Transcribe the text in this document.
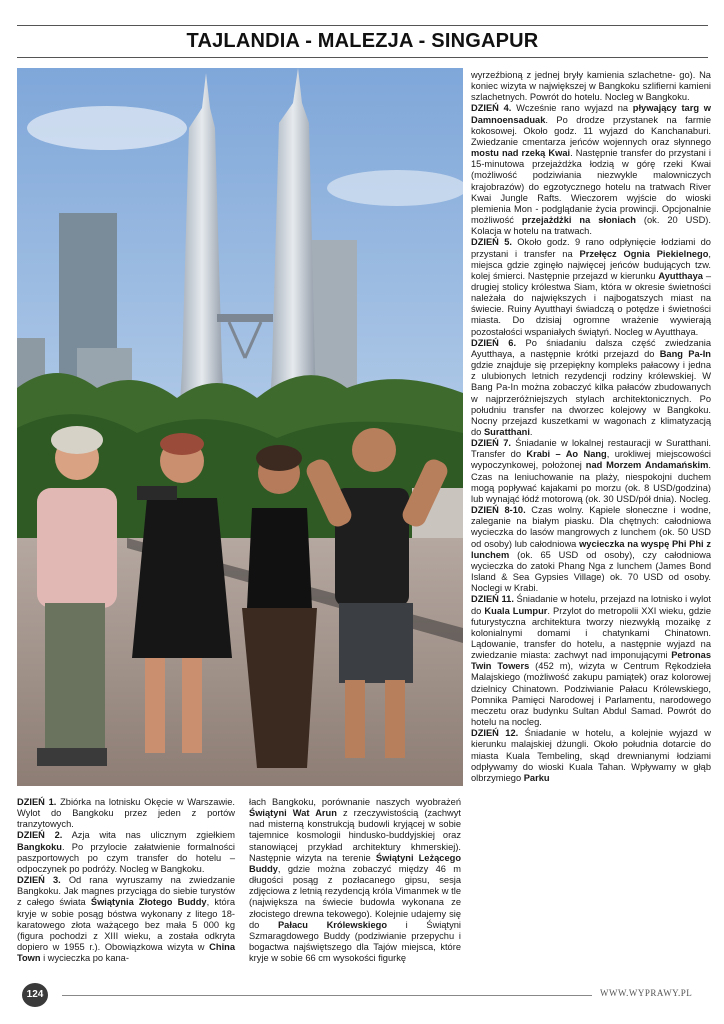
TAJLANDIA - MALEZJA - SINGAPUR

wyrzeźbioną z jednej bryły kamienia szlachetne- go). Na koniec wizyta w największej w Bangkoku szlifierni kamieni szlachetnych. Powrót do hotelu. Nocleg w Bangkoku.

DZIEŃ 4. Wcześnie rano wyjazd na pływający targ w Damnoensaduak. Po drodze przystanek na farmie kokosowej. Około godz. 11 wyjazd do Kanchanaburi. Zwiedzanie cmentarza jeńców wojennych oraz słynnego mostu nad rzeką Kwai. Następnie transfer do przystani i 15-minutowa przejażdżka łodzią w górę rzeki Kwai (możliwość podziwiania niezwykle malowniczych krajobrazów) do egzotycznego hotelu na tratwach River Kwai Jungle Rafts. Wieczorem wyjście do wioski plemienia Mon - podglądanie życia prowincji. Opcjonalnie możliwość przejażdżki na słoniach (ok. 20 USD). Kolacja w hotelu na tratwach.

DZIEŃ 5. Około godz. 9 rano odpłynięcie łodziami do przystani i transfer na Przełęcz Ognia Piekielnego, miejsca gdzie zginęło najwięcej jeńców budujących tzw. kolej śmierci. Następnie przejazd w kierunku Ayutthaya – drugiej stolicy królestwa Siam, która w okresie świetności należała do największych i najbogatszych miast na świecie. Ruiny Ayutthayi świadczą o potędze i świetności miasta. Do dzisiaj ogromne wrażenie wywierają pozostałości wspaniałych świątyń. Nocleg w Ayutthaya.

DZIEŃ 6. Po śniadaniu dalsza część zwiedzania Ayutthaya, a następnie krótki przejazd do Bang Pa-In gdzie znajduje się przepiękny kompleks pałacowy i jedna z ulubionych letnich rezydencji rodziny królewskiej. W Bang Pa-In można zobaczyć kilka pałaców zbudowanych w najprzeróżniejszych stylach architektonicznych. Po południu transfer na dworzec kolejowy w Bangkoku. Nocny przejazd kuszetkami w wagonach z klimatyzacją do Suratthani.

DZIEŃ 7. Śniadanie w lokalnej restauracji w Suratthani. Transfer do Krabi – Ao Nang, urokliwej miejscowości wypoczynkowej, położonej nad Morzem Andamańskim. Czas na leniuchowanie na plaży, niespokojni duchem mogą popływać kajakami po morzu (ok. 8 USD/godzina) lub wynająć łódź motorową (ok. 30 USD/pół dnia). Nocleg.

DZIEŃ 8-10. Czas wolny. Kąpiele słoneczne i wodne, zaleganie na białym piasku. Dla chętnych: całodniowa wycieczka do lasów mangrowych z lunchem (ok. 50 USD od osoby) lub całodniowa wycieczka na wyspę Phi Phi z lunchem (ok. 65 USD od osoby), czy całodniowa wycieczka do zatoki Phang Nga z lunchem (James Bond Island & Sea Gypsies Village) ok. 70 USD od osoby. Noclegi w Krabi.

DZIEŃ 11. Śniadanie w hotelu, przejazd na lotnisko i wylot do Kuala Lumpur. Przylot do metropolii XXI wieku, gdzie futurystyczna architektura tworzy niezwykłą mozaikę z kolonialnymi domami i chatynkami Chinatown. Lądowanie, transfer do hotelu, a następnie wyjazd na zwiedzanie miasta: zachwyt nad imponującymi Petronas Twin Towers (452 m), wizyta w Centrum Rękodzieła Malajskiego (możliwość zakupu pamiątek) oraz kolorowej dzielnicy Chinatown. Podziwianie Pałacu Królewskiego, Pomnika Pamięci Narodowej i Parlamentu, narodowego meczetu oraz budynku Sultan Abdul Samad. Powrót do hotelu na nocleg.

DZIEŃ 12. Śniadanie w hotelu, a kolejnie wyjazd w kierunku malajskiej dżungli. Około południa dotarcie do miasta Kuala Tembeling, skąd drewnianymi łodziami odpływamy do wioski Kuala Tahan. Wpływamy w głąb olbrzymiego Parku

DZIEŃ 1. Zbiórka na lotnisku Okęcie w Warszawie. Wylot do Bangkoku przez jeden z portów tranzytowych.

DZIEŃ 2. Azja wita nas ulicznym zgiełkiem Bangkoku. Po przylocie załatwienie formalności paszportowych po czym transfer do hotelu – odpoczynek po podróży. Nocleg w Bangkoku.

DZIEŃ 3. Od rana wyruszamy na zwiedzanie Bangkoku. Jak magnes przyciąga do siebie turystów z całego świata Świątynia Złotego Buddy, która kryje w sobie posąg bóstwa wykonany z litego 18-karatowego złota ważącego bez mała 5 000 kg (figura pochodzi z XIII wieku, a została odkryta dopiero w 1955 r.). Obowiązkowa wizyta w China Town i wycieczka po kana-

łach Bangkoku, porównanie naszych wyobrażeń Świątyni Wat Arun z rzeczywistością (zachwyt nad misterną konstrukcją budowli kryjącej w sobie tajemnice kosmologii hindusko-buddyjskiej oraz stanowiącej przykład architektury khmerskiej). Następnie wizyta na terenie Świątyni Leżącego Buddy, gdzie można zobaczyć między 46 m długości posąg z pozłacanego gipsu, sesja zdjęciowa z letnią rezydencją króla Vimanmek w tle (największa na świecie budowla wykonana ze złocistego drewna tekowego). Kolejnie udajemy się do Pałacu Królewskiego i Świątyni Szmaragdowego Buddy (podziwianie przepychu i bogactwa najświętszego dla Tajów miejsca, które kryje w sobie 66 cm wysokości figurkę

124	WWW.WYPRAWY.PL
